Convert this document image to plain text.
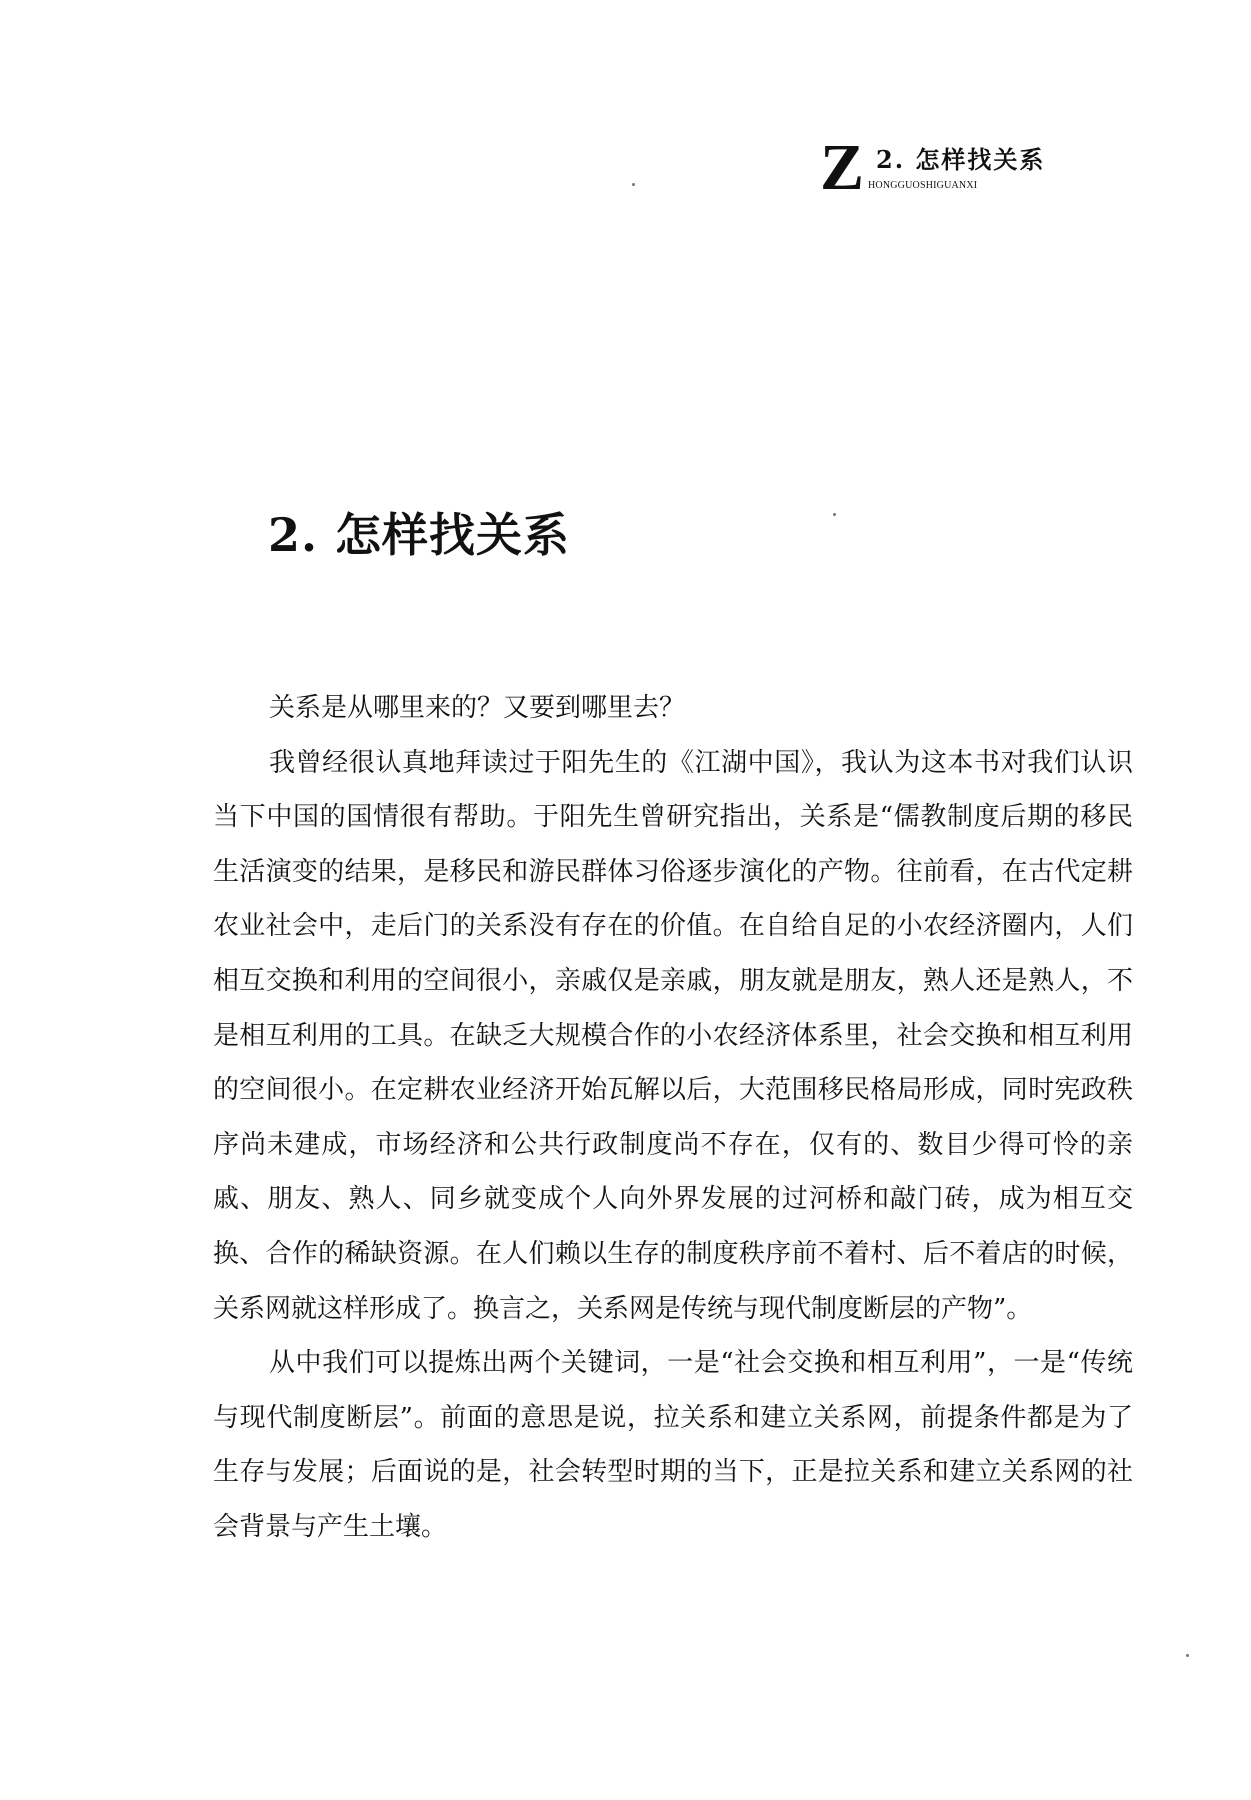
Z 2. 怎样找关系
HONGGUOSHIGUANXI
2. 怎样找关系

关系是从哪里来的？又要到哪里去？

我曾经很认真地拜读过于阳先生的《江湖中国》，我认为这本书对我们认识当下中国的国情很有帮助。于阳先生曾研究指出，关系是“儒教制度后期的移民生活演变的结果，是移民和游民群体习俗逐步演化的产物。往前看，在古代定耕农业社会中，走后门的关系没有存在的价值。在自给自足的小农经济圈内，人们相互交换和利用的空间很小，亲戚仅是亲戚，朋友就是朋友，熟人还是熟人，不是相互利用的工具。在缺乏大规模合作的小农经济体系里，社会交换和相互利用的空间很小。在定耕农业经济开始瓦解以后，大范围移民格局形成，同时宪政秩序尚未建成，市场经济和公共行政制度尚不存在，仅有的、数目少得可怜的亲戚、朋友、熟人、同乡就变成个人向外界发展的过河桥和敲门砖，成为相互交换、合作的稀缺资源。在人们赖以生存的制度秩序前不着村、后不着店的时候，关系网就这样形成了。换言之，关系网是传统与现代制度断层的产物”。

从中我们可以提炼出两个关键词，一是“社会交换和相互利用”，一是“传统与现代制度断层”。前面的意思是说，拉关系和建立关系网，前提条件都是为了生存与发展；后面说的是，社会转型时期的当下，正是拉关系和建立关系网的社会背景与产生土壤。
